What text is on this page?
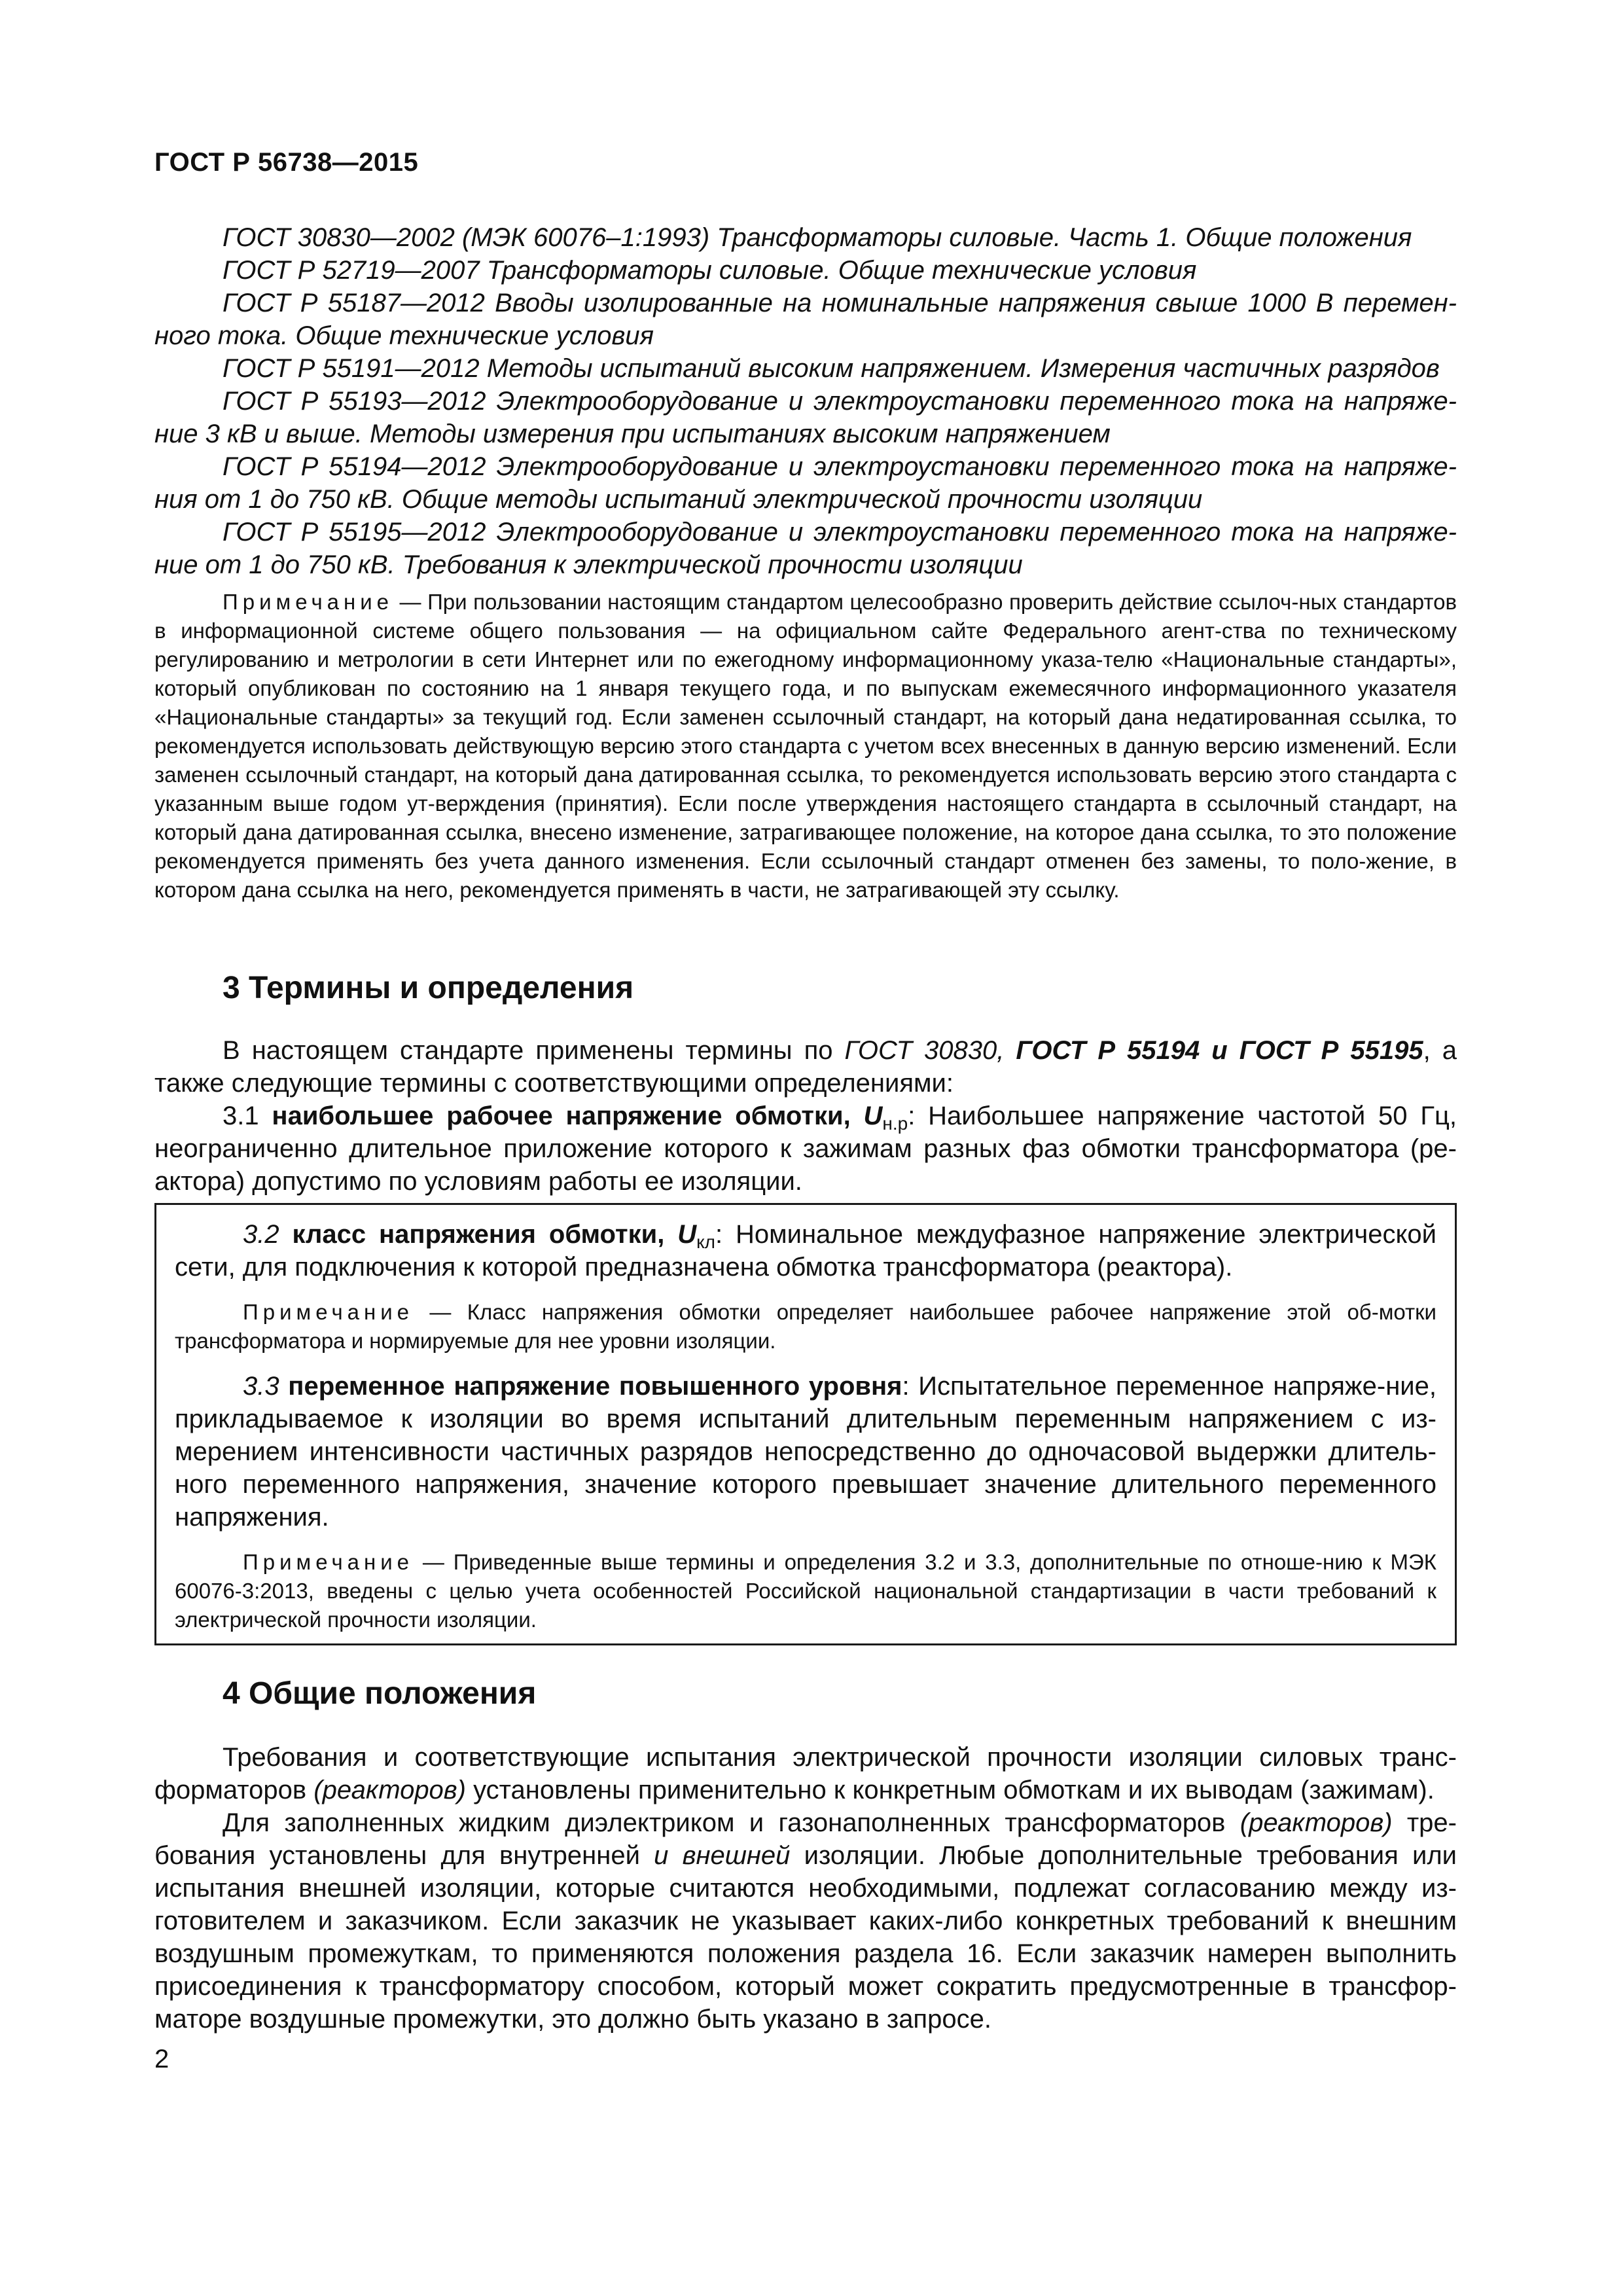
ГОСТ Р 56738—2015

ГОСТ 30830—2002 (МЭК 60076–1:1993) Трансформаторы силовые. Часть 1. Общие положения

ГОСТ Р 52719—2007 Трансформаторы силовые. Общие технические условия

ГОСТ Р 55187—2012 Вводы изолированные на номинальные напряжения свыше 1000 В перемен-ного тока. Общие технические условия

ГОСТ Р 55191—2012 Методы испытаний высоким напряжением. Измерения частичных разрядов

ГОСТ Р 55193—2012 Электрооборудование и электроустановки переменного тока на напряже-ние 3 кВ и выше. Методы измерения при испытаниях высоким напряжением

ГОСТ Р 55194—2012 Электрооборудование и электроустановки переменного тока на напряже-ния от 1 до 750 кВ. Общие методы испытаний электрической прочности изоляции

ГОСТ Р 55195—2012 Электрооборудование и электроустановки переменного тока на напряже-ние от 1 до 750 кВ. Требования к электрической прочности изоляции

Примечание — При пользовании настоящим стандартом целесообразно проверить действие ссылоч-ных стандартов в информационной системе общего пользования — на официальном сайте Федерального агент-ства по техническому регулированию и метрологии в сети Интернет или по ежегодному информационному указа-телю «Национальные стандарты», который опубликован по состоянию на 1 января текущего года, и по выпускам ежемесячного информационного указателя «Национальные стандарты» за текущий год. Если заменен ссылочный стандарт, на который дана недатированная ссылка, то рекомендуется использовать действующую версию этого стандарта с учетом всех внесенных в данную версию изменений. Если заменен ссылочный стандарт, на который дана датированная ссылка, то рекомендуется использовать версию этого стандарта с указанным выше годом ут-верждения (принятия). Если после утверждения настоящего стандарта в ссылочный стандарт, на который дана датированная ссылка, внесено изменение, затрагивающее положение, на которое дана ссылка, то это положение рекомендуется применять без учета данного изменения. Если ссылочный стандарт отменен без замены, то поло-жение, в котором дана ссылка на него, рекомендуется применять в части, не затрагивающей эту ссылку.

3 Термины и определения

В настоящем стандарте применены термины по ГОСТ 30830, ГОСТ Р 55194 и ГОСТ Р 55195, а также следующие термины с соответствующими определениями:

3.1 наибольшее рабочее напряжение обмотки, $U_{н.р}$: Наибольшее напряжение частотой 50 Гц, неограниченно длительное приложение которого к зажимам разных фаз обмотки трансформатора (ре-актора) допустимо по условиям работы ее изоляции.

3.2 класс напряжения обмотки, $U_{кл}$: Номинальное междуфазное напряжение электрической сети, для подключения к которой предназначена обмотка трансформатора (реактора).

Примечание — Класс напряжения обмотки определяет наибольшее рабочее напряжение этой об-мотки трансформатора и нормируемые для нее уровни изоляции.

3.3 переменное напряжение повышенного уровня: Испытательное переменное напряже-ние, прикладываемое к изоляции во время испытаний длительным переменным напряжением с из-мерением интенсивности частичных разрядов непосредственно до одночасовой выдержки длитель-ного переменного напряжения, значение которого превышает значение длительного переменного напряжения.

Примечание — Приведенные выше термины и определения 3.2 и 3.3, дополнительные по отноше-нию к МЭК 60076-3:2013, введены с целью учета особенностей Российской национальной стандартизации в части требований к электрической прочности изоляции.

4 Общие положения

Требования и соответствующие испытания электрической прочности изоляции силовых транс-форматоров (реакторов) установлены применительно к конкретным обмоткам и их выводам (зажимам).

Для заполненных жидким диэлектриком и газонаполненных трансформаторов (реакторов) тре-бования установлены для внутренней и внешней изоляции. Любые дополнительные требования или испытания внешней изоляции, которые считаются необходимыми, подлежат согласованию между из-готовителем и заказчиком. Если заказчик не указывает каких-либо конкретных требований к внешним воздушным промежуткам, то применяются положения раздела 16. Если заказчик намерен выполнить присоединения к трансформатору способом, который может сократить предусмотренные в трансфор-маторе воздушные промежутки, это должно быть указано в запросе.

2
